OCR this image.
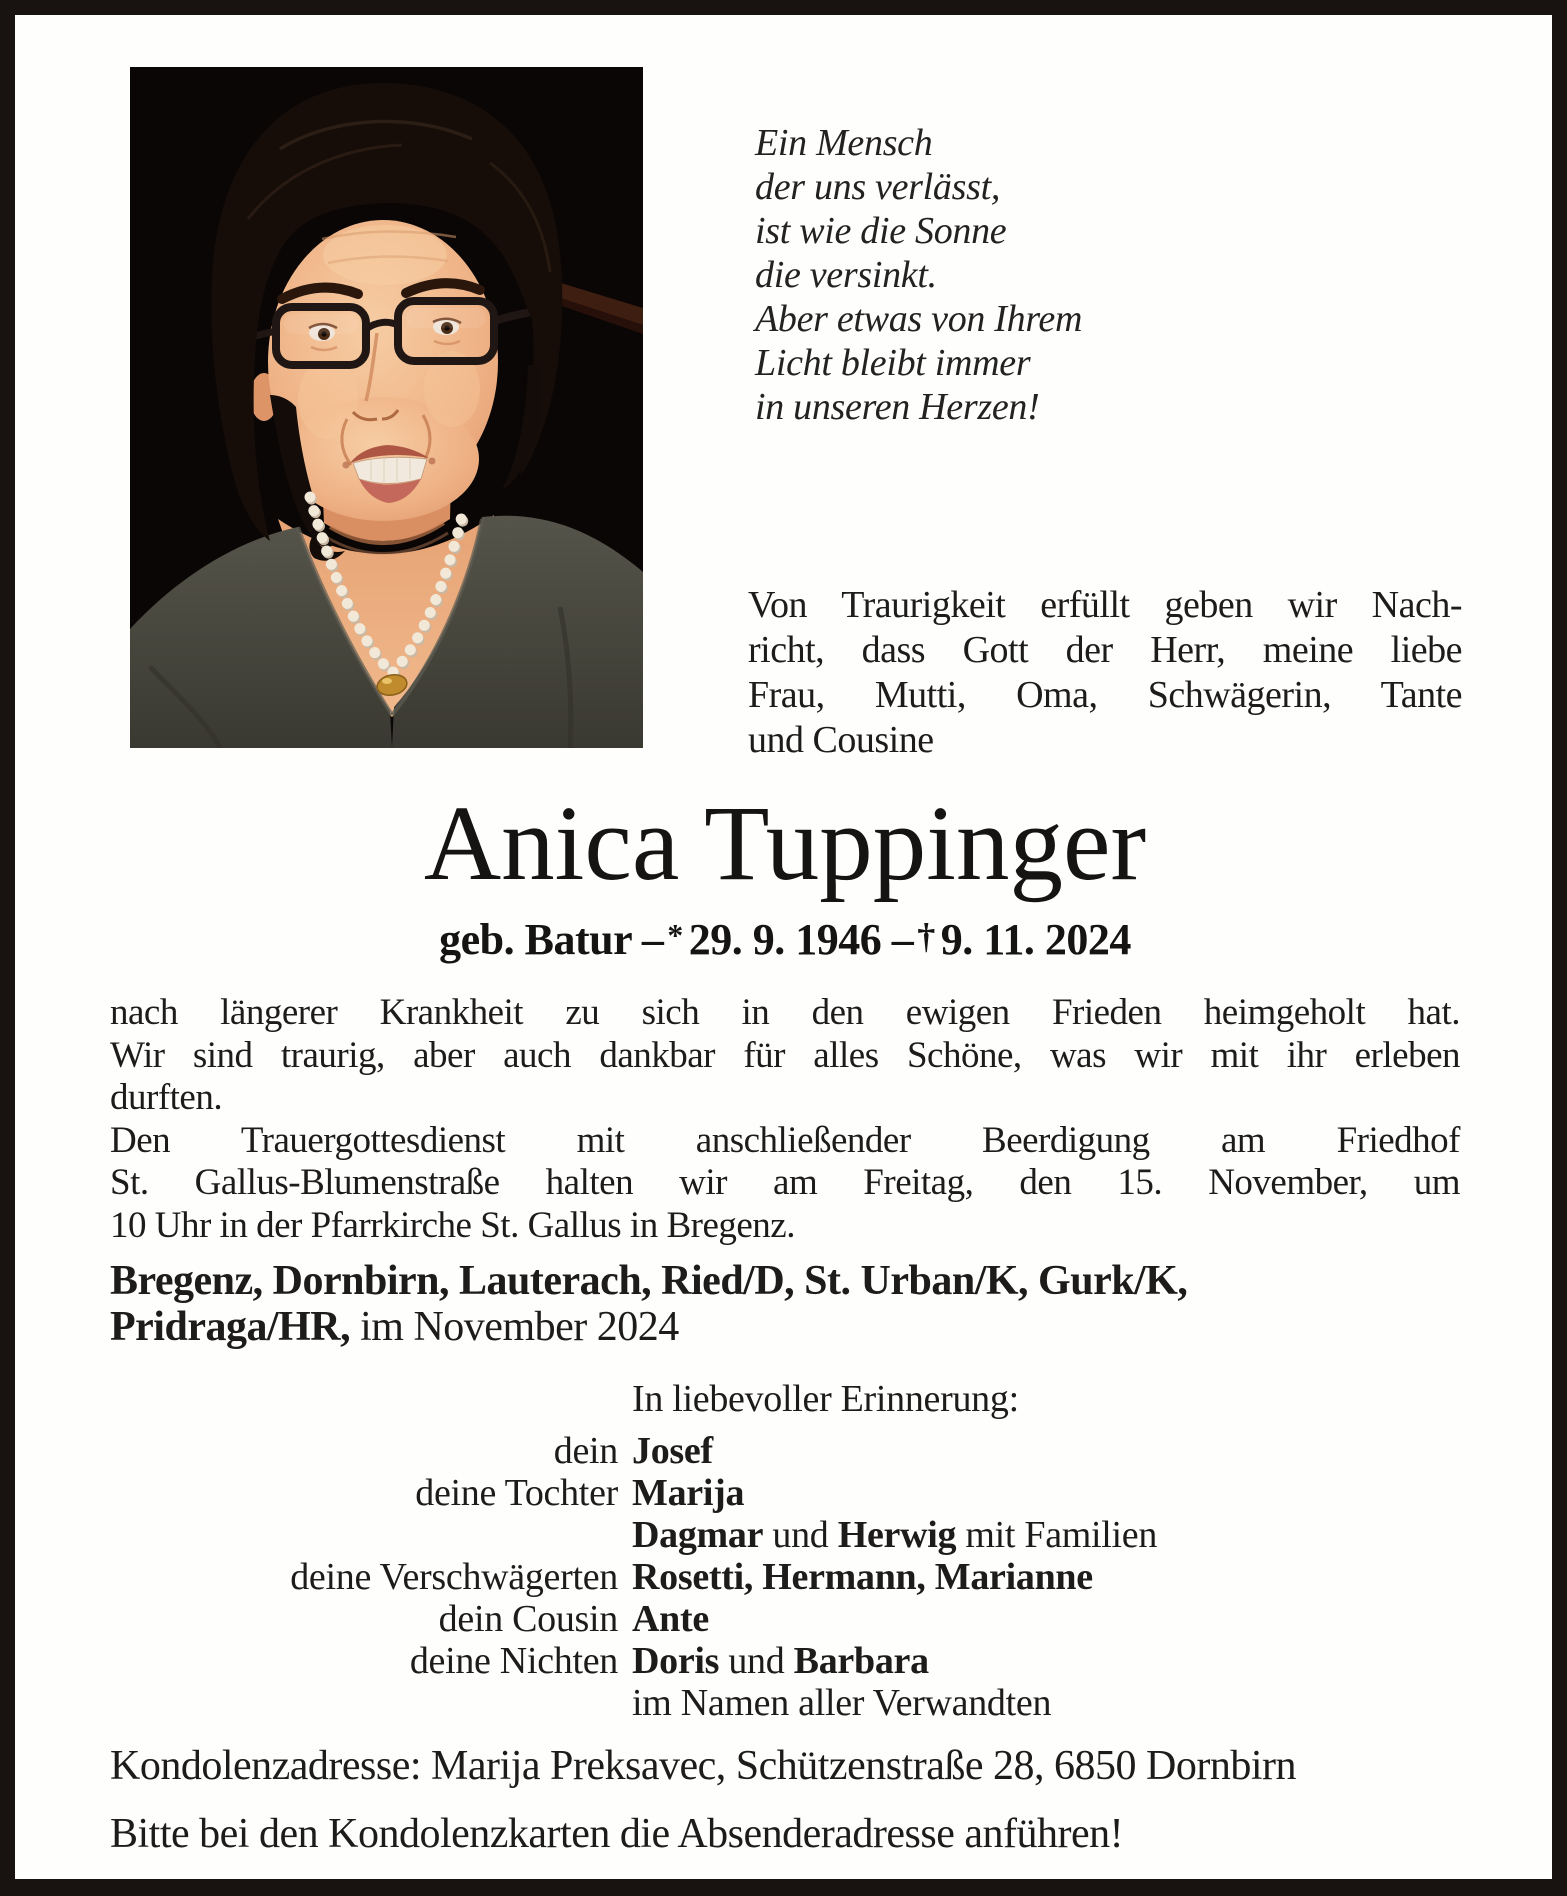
Ein Mensch
der uns verlässt,
ist wie die Sonne
die versinkt.
Aber etwas von Ihrem
Licht bleibt immer
in unseren Herzen!
Von Traurigkeit erfüllt geben wir Nach-
richt, dass Gott der Herr, meine liebe
Frau, Mutti, Oma, Schwägerin, Tante
und Cousine
Anica Tuppinger
geb. Batur – * 29. 9. 1946 – † 9. 11. 2024
nach längerer Krankheit zu sich in den ewigen Frieden heimgeholt hat.
Wir sind traurig, aber auch dankbar für alles Schöne, was wir mit ihr erleben
durften.
Den Trauergottesdienst mit anschließender Beerdigung am Friedhof
St. Gallus-Blumenstraße halten wir am Freitag, den 15. November, um
10 Uhr in der Pfarrkirche St. Gallus in Bregenz.
Bregenz, Dornbirn, Lauterach, Ried/D, St. Urban/K, Gurk/K,
Pridraga/HR, im November 2024
In liebevoller Erinnerung:
dein Josef
deine Tochter Marija
Dagmar und Herwig mit Familien
deine Verschwägerten Rosetti, Hermann, Marianne
dein Cousin Ante
deine Nichten Doris und Barbara
im Namen aller Verwandten
Kondolenzadresse: Marija Preksavec, Schützenstraße 28, 6850 Dornbirn
Bitte bei den Kondolenzkarten die Absenderadresse anführen!
